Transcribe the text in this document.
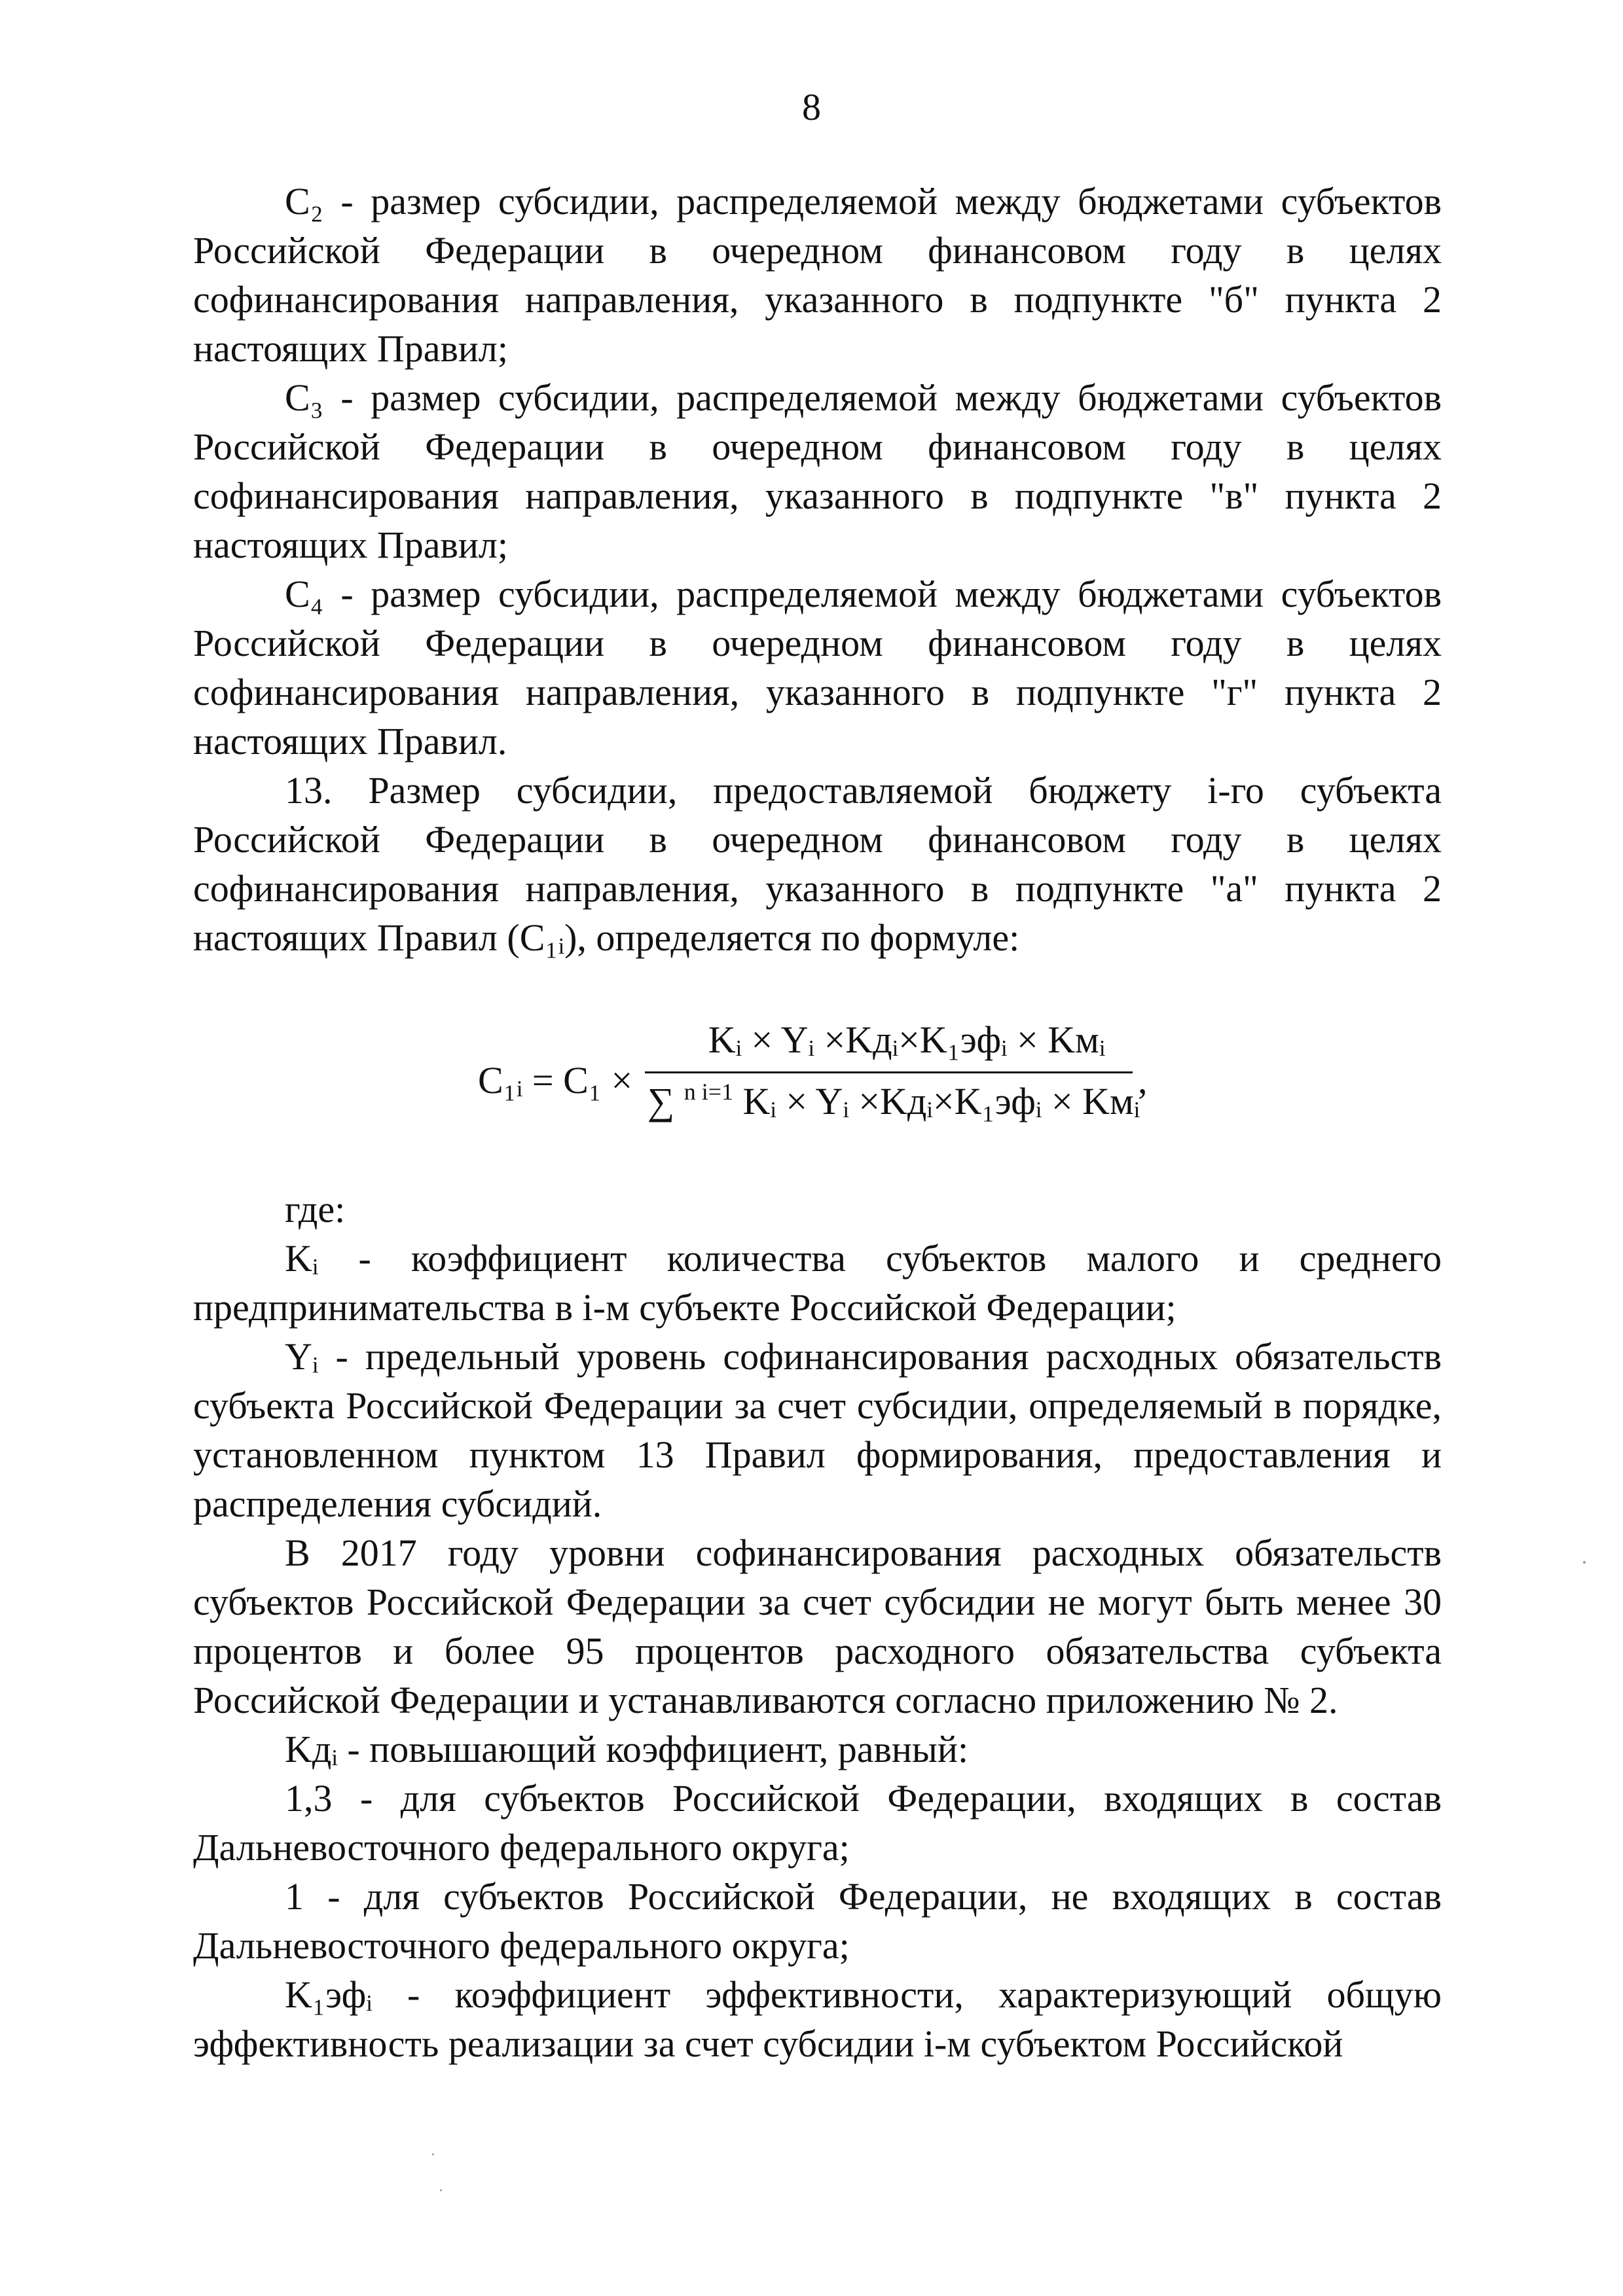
8

C₂ - размер субсидии, распределяемой между бюджетами субъектов Российской Федерации в очередном финансовом году в целях софинансирования направления, указанного в подпункте "б" пункта 2 настоящих Правил;

C₃ - размер субсидии, распределяемой между бюджетами субъектов Российской Федерации в очередном финансовом году в целях софинансирования направления, указанного в подпункте "в" пункта 2 настоящих Правил;

C₄ - размер субсидии, распределяемой между бюджетами субъектов Российской Федерации в очередном финансовом году в целях софинансирования направления, указанного в подпункте "г" пункта 2 настоящих Правил.

13. Размер субсидии, предоставляемой бюджету i-го субъекта Российской Федерации в очередном финансовом году в целях софинансирования направления, указанного в подпункте "а" пункта 2 настоящих Правил (C₁ᵢ), определяется по формуле:

C₁ᵢ = C₁ ×
Kᵢ × Yᵢ ×Kдᵢ×K₁эфᵢ × Kмᵢ
∑ $^{n i=1}$ Kᵢ × Yᵢ ×Kдᵢ×K₁эфᵢ × Kмᵢ
,

где:

Kᵢ - коэффициент количества субъектов малого и среднего предпринимательства в i-м субъекте Российской Федерации;

Yᵢ - предельный уровень софинансирования расходных обязательств субъекта Российской Федерации за счет субсидии, определяемый в порядке, установленном пунктом 13 Правил формирования, предоставления и распределения субсидий.

В 2017 году уровни софинансирования расходных обязательств субъектов Российской Федерации за счет субсидии не могут быть менее 30 процентов и более 95 процентов расходного обязательства субъекта Российской Федерации и устанавливаются согласно приложению № 2.

Kдᵢ - повышающий коэффициент, равный:

1,3 - для субъектов Российской Федерации, входящих в состав Дальневосточного федерального округа;

1 - для субъектов Российской Федерации, не входящих в состав Дальневосточного федерального округа;

K₁эфᵢ - коэффициент эффективности, характеризующий общую эффективность реализации за счет субсидии i-м субъектом Российской
